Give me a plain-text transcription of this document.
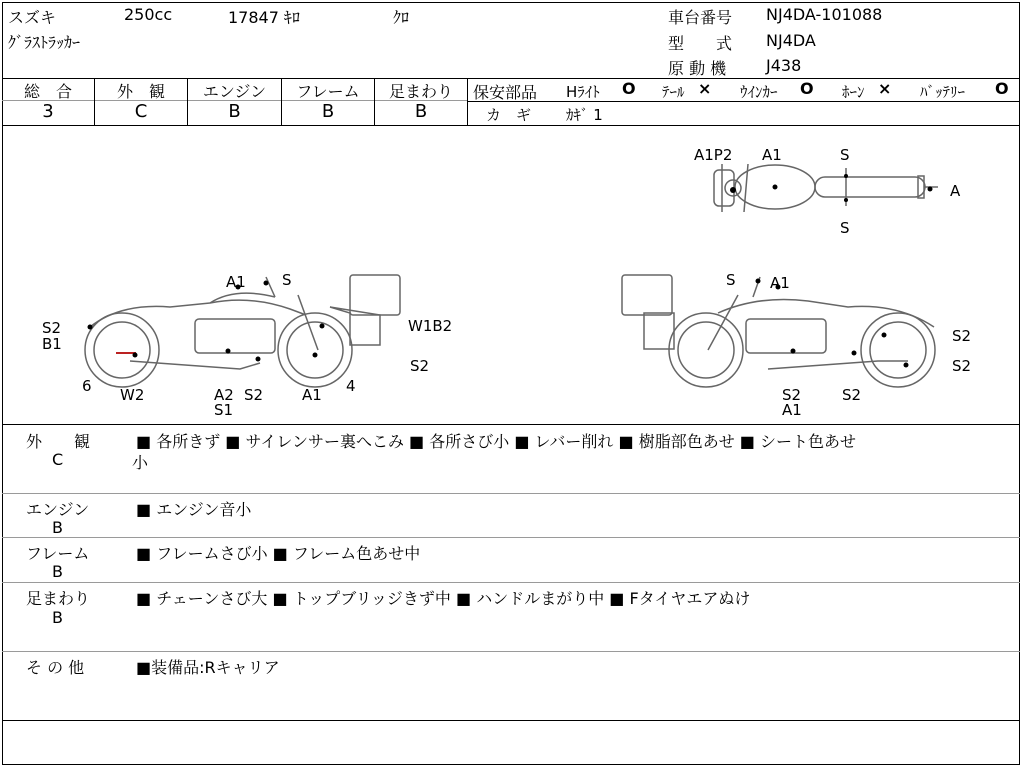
スズキ	250cc	17847 ｷﾛ	ｸﾛ
ｸﾞﾗｽﾄﾗｯｶｰ
車台番号 NJ4DA-101088
型　　式 NJ4DA
原 動 機 J438
総　合	外　観	エンジン	フレーム	足まわり
3	C	B	B	B
保安部品 Hﾗｲﾄ O ﾃｰﾙ × ｳｲﾝｶｰ O ﾎｰﾝ × ﾊﾞｯﾃﾘｰ O
カ　ギ ｶｷﾞ 1
A1P2 A1	S
A
S
A1 S
S2
B1
W1B2
6 W2	A2
S1
S2	A1 4
S2
S A1
S2
S2
S2
A1
S2
外　　観
C
■ 各所きず ■ サイレンサー裏へこみ ■ 各所さび小 ■ レバー削れ ■ 樹脂部色あせ ■ シート色あせ
小
エンジン
B
■ エンジン音小
フレーム
B
■ フレームさび小 ■ フレーム色あせ中
足まわり
B
■ チェーンさび大 ■ トップブリッジきず中 ■ ハンドルまがり中 ■ Fタイヤエアぬけ
そ の 他	■装備品:Rキャリア
